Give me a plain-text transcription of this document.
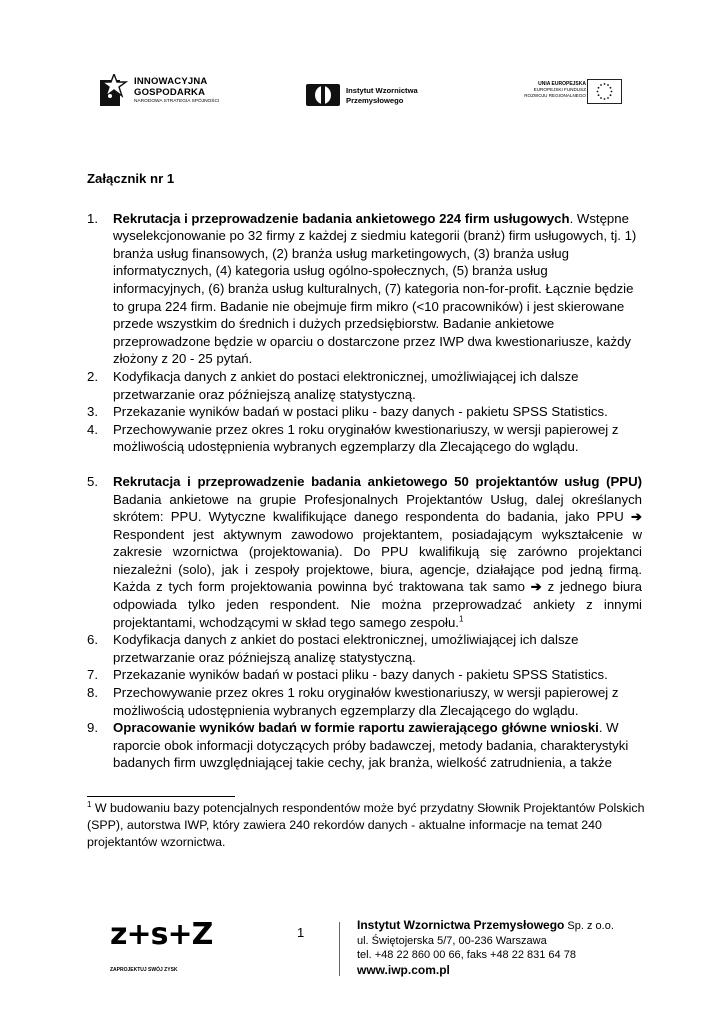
INNOWACYJNA
GOSPODARKA
NARODOWA STRATEGIA SPÓJNOŚCI
Instytut Wzornictwa
Przemysłowego
UNIA EUROPEJSKA
EUROPEJSKI FUNDUSZ
ROZWOJU REGIONALNEGO
Załącznik nr 1
1. Rekrutacja i przeprowadzenie badania ankietowego 224 firm usługowych. Wstępne wyselekcjonowanie po 32 firmy z każdej z siedmiu kategorii (branż) firm usługowych, tj. 1) branża usług finansowych, (2) branża usług marketingowych, (3) branża usług informatycznych, (4) kategoria usług ogólno-społecznych, (5) branża usług informacyjnych, (6) branża usług kulturalnych, (7) kategoria non-for-profit. Łącznie będzie to grupa 224 firm. Badanie nie obejmuje firm mikro (<10 pracowników) i jest skierowane przede wszystkim do średnich i dużych przedsiębiorstw. Badanie ankietowe przeprowadzone będzie w oparciu o dostarczone przez IWP dwa kwestionariusze, każdy złożony z 20 - 25 pytań.
2. Kodyfikacja danych z ankiet do postaci elektronicznej, umożliwiającej ich dalsze przetwarzanie oraz późniejszą analizę statystyczną.
3. Przekazanie wyników badań w postaci pliku - bazy danych - pakietu SPSS Statistics.
4. Przechowywanie przez okres 1 roku oryginałów kwestionariuszy, w wersji papierowej z możliwością udostępnienia wybranych egzemplarzy dla Zlecającego do wglądu.
5. Rekrutacja i przeprowadzenie badania ankietowego 50 projektantów usług (PPU) Badania ankietowe na grupie Profesjonalnych Projektantów Usług, dalej określanych skrótem: PPU. Wytyczne kwalifikujące danego respondenta do badania, jako PPU ➔ Respondent jest aktywnym zawodowo projektantem, posiadającym wykształcenie w zakresie wzornictwa (projektowania). Do PPU kwalifikują się zarówno projektanci niezależni (solo), jak i zespoły projektowe, biura, agencje, działające pod jedną firmą. Każda z tych form projektowania powinna być traktowana tak samo ➔ z jednego biura odpowiada tylko jeden respondent. Nie można przeprowadzać ankiety z innymi projektantami, wchodzącymi w skład tego samego zespołu.$^1$
6. Kodyfikacja danych z ankiet do postaci elektronicznej, umożliwiającej ich dalsze przetwarzanie oraz późniejszą analizę statystyczną.
7. Przekazanie wyników badań w postaci pliku - bazy danych - pakietu SPSS Statistics.
8. Przechowywanie przez okres 1 roku oryginałów kwestionariuszy, w wersji papierowej z możliwością udostępnienia wybranych egzemplarzy dla Zlecającego do wglądu.
9. Opracowanie wyników badań w formie raportu zawierającego główne wnioski. W raporcie obok informacji dotyczących próby badawczej, metody badania, charakterystyki badanych firm uwzględniającej takie cechy, jak branża, wielkość zatrudnienia, a także
$^1$ W budowaniu bazy potencjalnych respondentów może być przydatny Słownik Projektantów Polskich (SPP), autorstwa IWP, który zawiera 240 rekordów danych - aktualne informacje na temat 240 projektantów wzornictwa.
z+s+Z
ZAPROJEKTUJ SWÓJ ZYSK
1	Instytut Wzornictwa Przemysłowego Sp. z o.o.
ul. Świętojerska 5/7, 00-236 Warszawa
tel. +48 22 860 00 66, faks +48 22 831 64 78
www.iwp.com.pl
